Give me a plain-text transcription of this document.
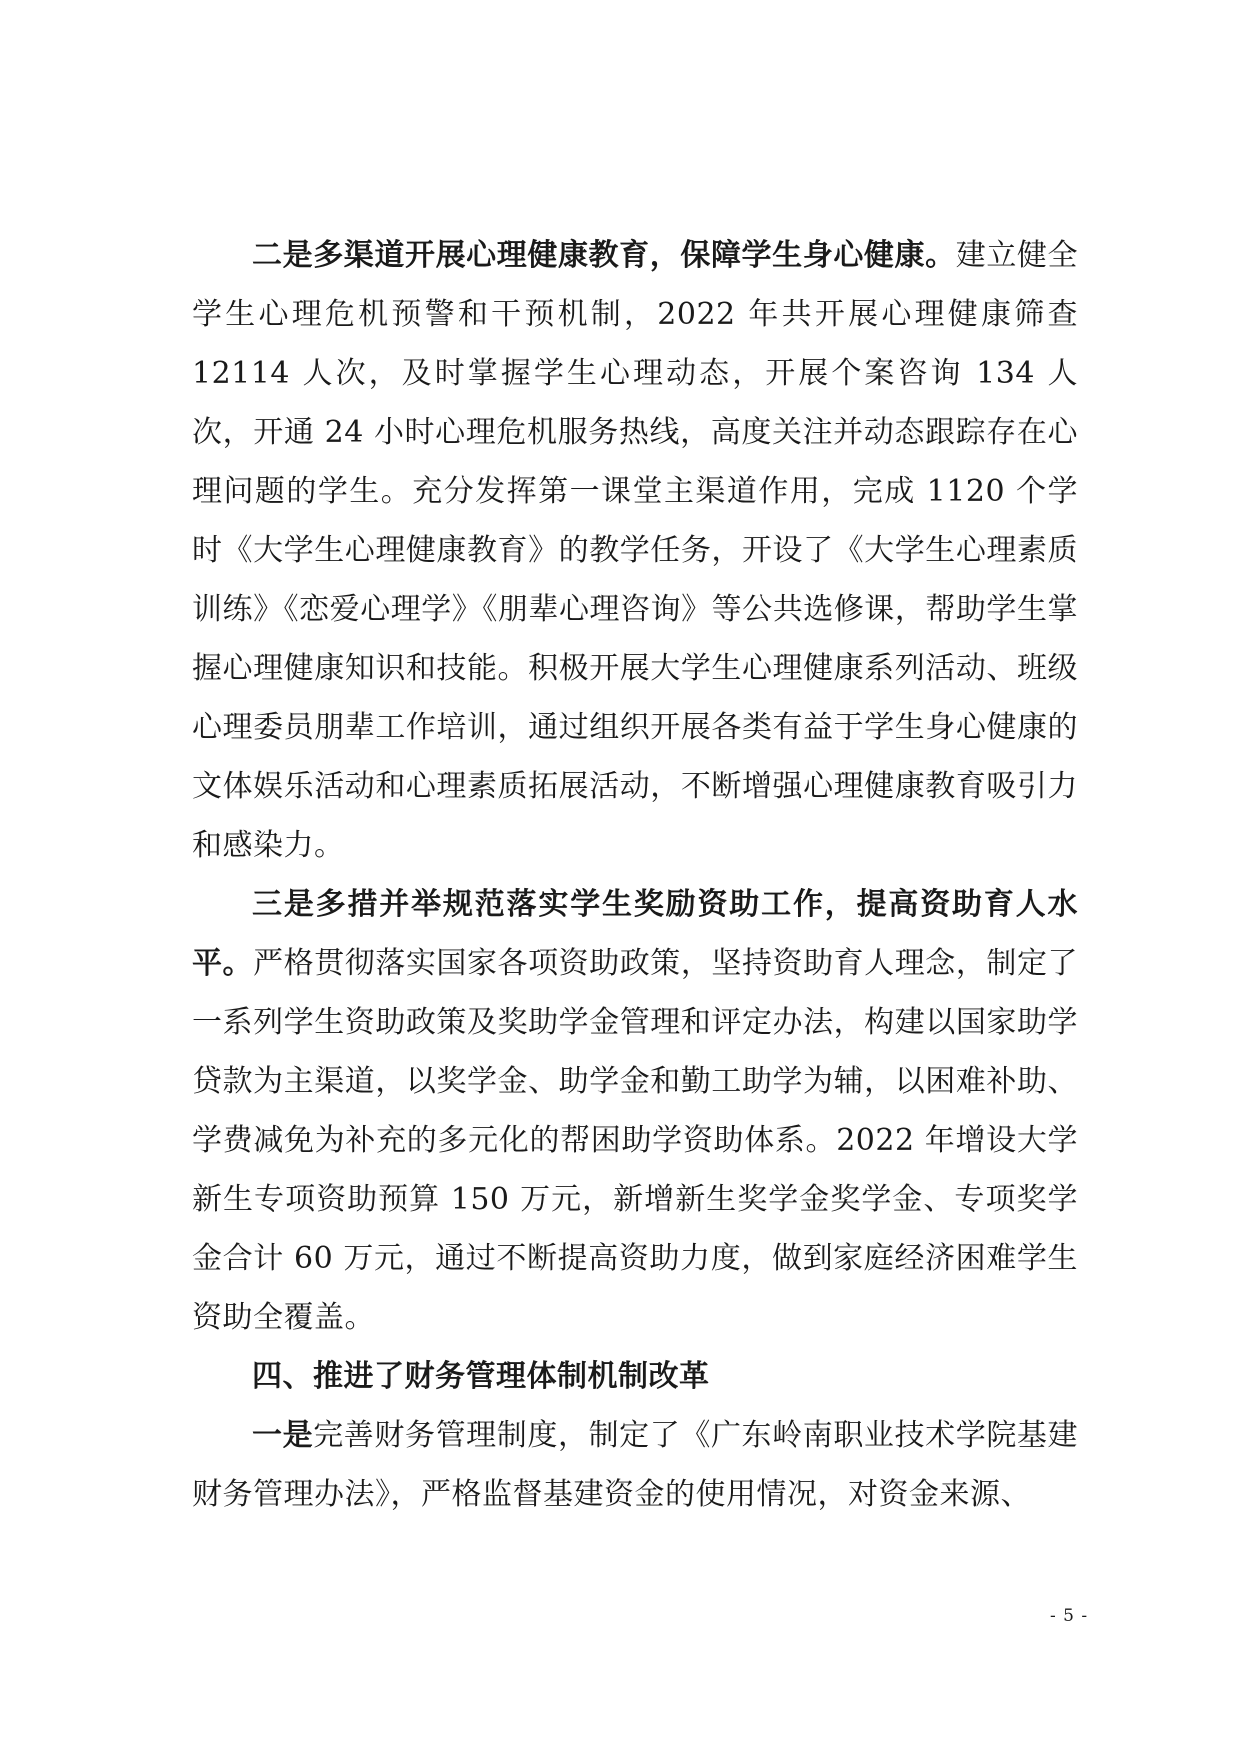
二是多渠道开展心理健康教育，保障学生身心健康。建立健全学生心理危机预警和干预机制，2022 年共开展心理健康筛查 12114 人次，及时掌握学生心理动态，开展个案咨询 134 人次，开通 24 小时心理危机服务热线，高度关注并动态跟踪存在心理问题的学生。充分发挥第一课堂主渠道作用，完成 1120 个学时《大学生心理健康教育》的教学任务，开设了《大学生心理素质训练》《恋爱心理学》《朋辈心理咨询》等公共选修课，帮助学生掌握心理健康知识和技能。积极开展大学生心理健康系列活动、班级心理委员朋辈工作培训，通过组织开展各类有益于学生身心健康的文体娱乐活动和心理素质拓展活动，不断增强心理健康教育吸引力和感染力。

三是多措并举规范落实学生奖励资助工作，提高资助育人水平。严格贯彻落实国家各项资助政策，坚持资助育人理念，制定了一系列学生资助政策及奖助学金管理和评定办法，构建以国家助学贷款为主渠道，以奖学金、助学金和勤工助学为辅，以困难补助、学费减免为补充的多元化的帮困助学资助体系。2022 年增设大学新生专项资助预算 150 万元，新增新生奖学金奖学金、专项奖学金合计 60 万元，通过不断提高资助力度，做到家庭经济困难学生资助全覆盖。

四、推进了财务管理体制机制改革

一是完善财务管理制度，制定了《广东岭南职业技术学院基建财务管理办法》，严格监督基建资金的使用情况，对资金来源、

- 5 -
